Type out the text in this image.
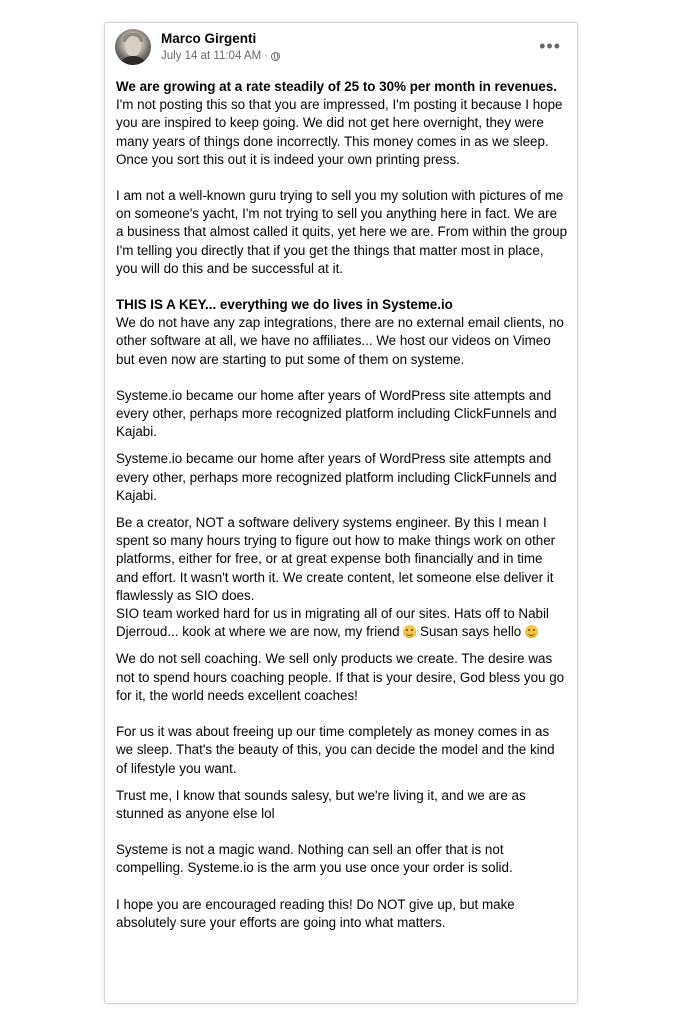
Marco Girgenti
July 14 at 11:04 AM ·	•••

We are growing at a rate steadily of 25 to 30% per month in revenues. I'm not posting this so that you are impressed, I'm posting it because I hope you are inspired to keep going. We did not get here overnight, they were many years of things done incorrectly. This money comes in as we sleep. Once you sort this out it is indeed your own printing press.

I am not a well-known guru trying to sell you my solution with pictures of me on someone's yacht, I'm not trying to sell you anything here in fact. We are a business that almost called it quits, yet here we are. From within the group I'm telling you directly that if you get the things that matter most in place, you will do this and be successful at it.

THIS IS A KEY... everything we do lives in Systeme.io

We do not have any zap integrations, there are no external email clients, no other software at all, we have no affiliates... We host our videos on Vimeo but even now are starting to put some of them on systeme.

Systeme.io became our home after years of WordPress site attempts and every other, perhaps more recognized platform including ClickFunnels and Kajabi.

Systeme.io became our home after years of WordPress site attempts and every other, perhaps more recognized platform including ClickFunnels and Kajabi.

Be a creator, NOT a software delivery systems engineer. By this I mean I spent so many hours trying to figure out how to make things work on other platforms, either for free, or at great expense both financially and in time and effort. It wasn't worth it. We create content, let someone else deliver it flawlessly as SIO does.

SIO team worked hard for us in migrating all of our sites. Hats off to Nabil Djerroud... kook at where we are now, my friend  Susan says hello

We do not sell coaching. We sell only products we create. The desire was not to spend hours coaching people. If that is your desire, God bless you go for it, the world needs excellent coaches!

For us it was about freeing up our time completely as money comes in as we sleep. That's the beauty of this, you can decide the model and the kind of lifestyle you want.

Trust me, I know that sounds salesy, but we're living it, and we are as stunned as anyone else lol

Systeme is not a magic wand. Nothing can sell an offer that is not compelling. Systeme.io is the arm you use once your order is solid.

I hope you are encouraged reading this! Do NOT give up, but make absolutely sure your efforts are going into what matters.
